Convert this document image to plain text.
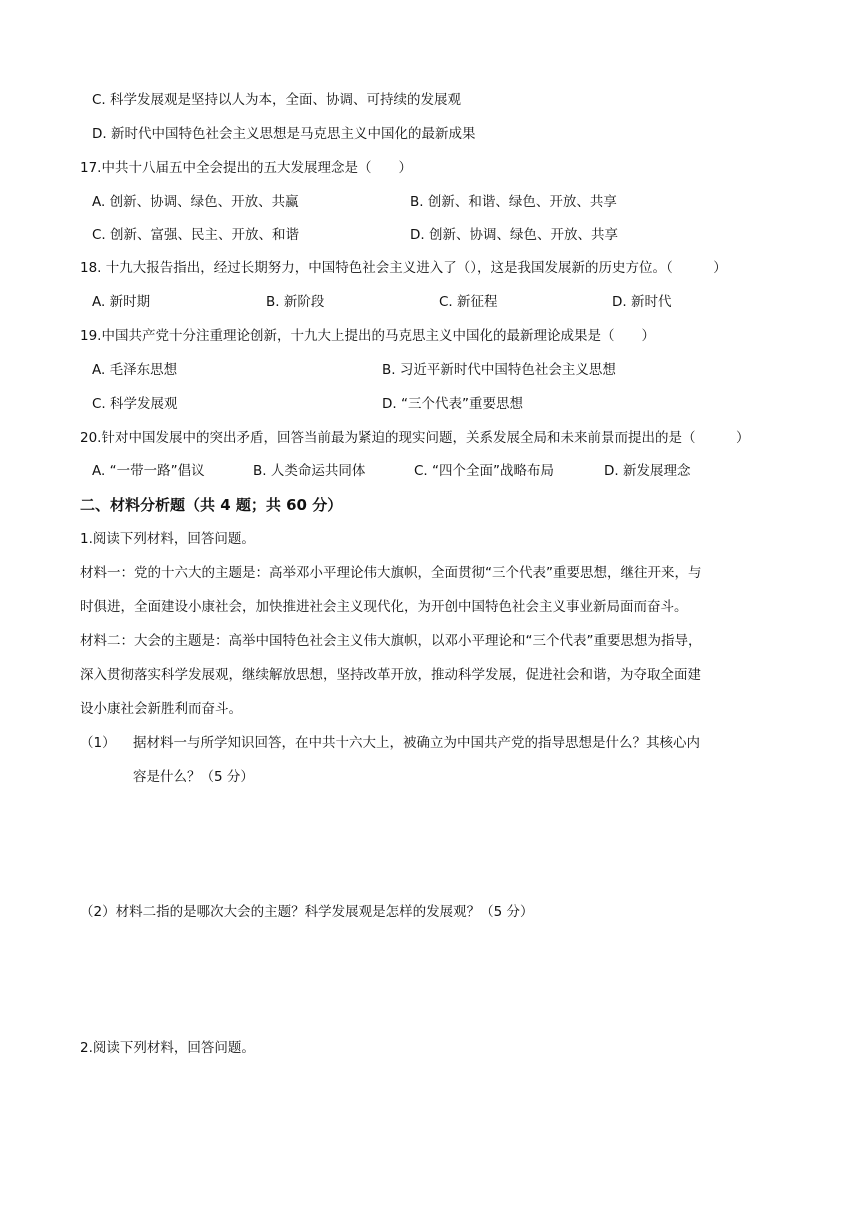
C. 科学发展观是坚持以人为本，全面、协调、可持续的发展观
D. 新时代中国特色社会主义思想是马克思主义中国化的最新成果
17.中共十八届五中全会提出的五大发展理念是（　　）
A. 创新、协调、绿色、开放、共赢	B. 创新、和谐、绿色、开放、共享
C. 创新、富强、民主、开放、和谐	D. 创新、协调、绿色、开放、共享
18. 十九大报告指出，经过长期努力，中国特色社会主义进入了（），这是我国发展新的历史方位。（　　　）
A. 新时期	B. 新阶段	C. 新征程	D. 新时代
19.中国共产党十分注重理论创新，十九大上提出的马克思主义中国化的最新理论成果是（　　）
A. 毛泽东思想	B. 习近平新时代中国特色社会主义思想
C. 科学发展观	D. “三个代表”重要思想
20.针对中国发展中的突出矛盾，回答当前最为紧迫的现实问题，关系发展全局和未来前景而提出的是（　　　）
A. “一带一路”倡议	B. 人类命运共同体	C. “四个全面”战略布局	D. 新发展理念
二、材料分析题（共 4 题；共 60 分）
1.阅读下列材料，回答问题。
材料一：党的十六大的主题是：高举邓小平理论伟大旗帜，全面贯彻“三个代表”重要思想，继往开来，与
时俱进，全面建设小康社会，加快推进社会主义现代化，为开创中国特色社会主义事业新局面而奋斗。
材料二：大会的主题是：高举中国特色社会主义伟大旗帜，以邓小平理论和“三个代表”重要思想为指导，
深入贯彻落实科学发展观，继续解放思想，坚持改革开放，推动科学发展，促进社会和谐，为夺取全面建
设小康社会新胜利而奋斗。
（1） 据材料一与所学知识回答，在中共十六大上，被确立为中国共产党的指导思想是什么？其核心内
容是什么？（5 分）
（2）材料二指的是哪次大会的主题？科学发展观是怎样的发展观？（5 分）
2.阅读下列材料，回答问题。
